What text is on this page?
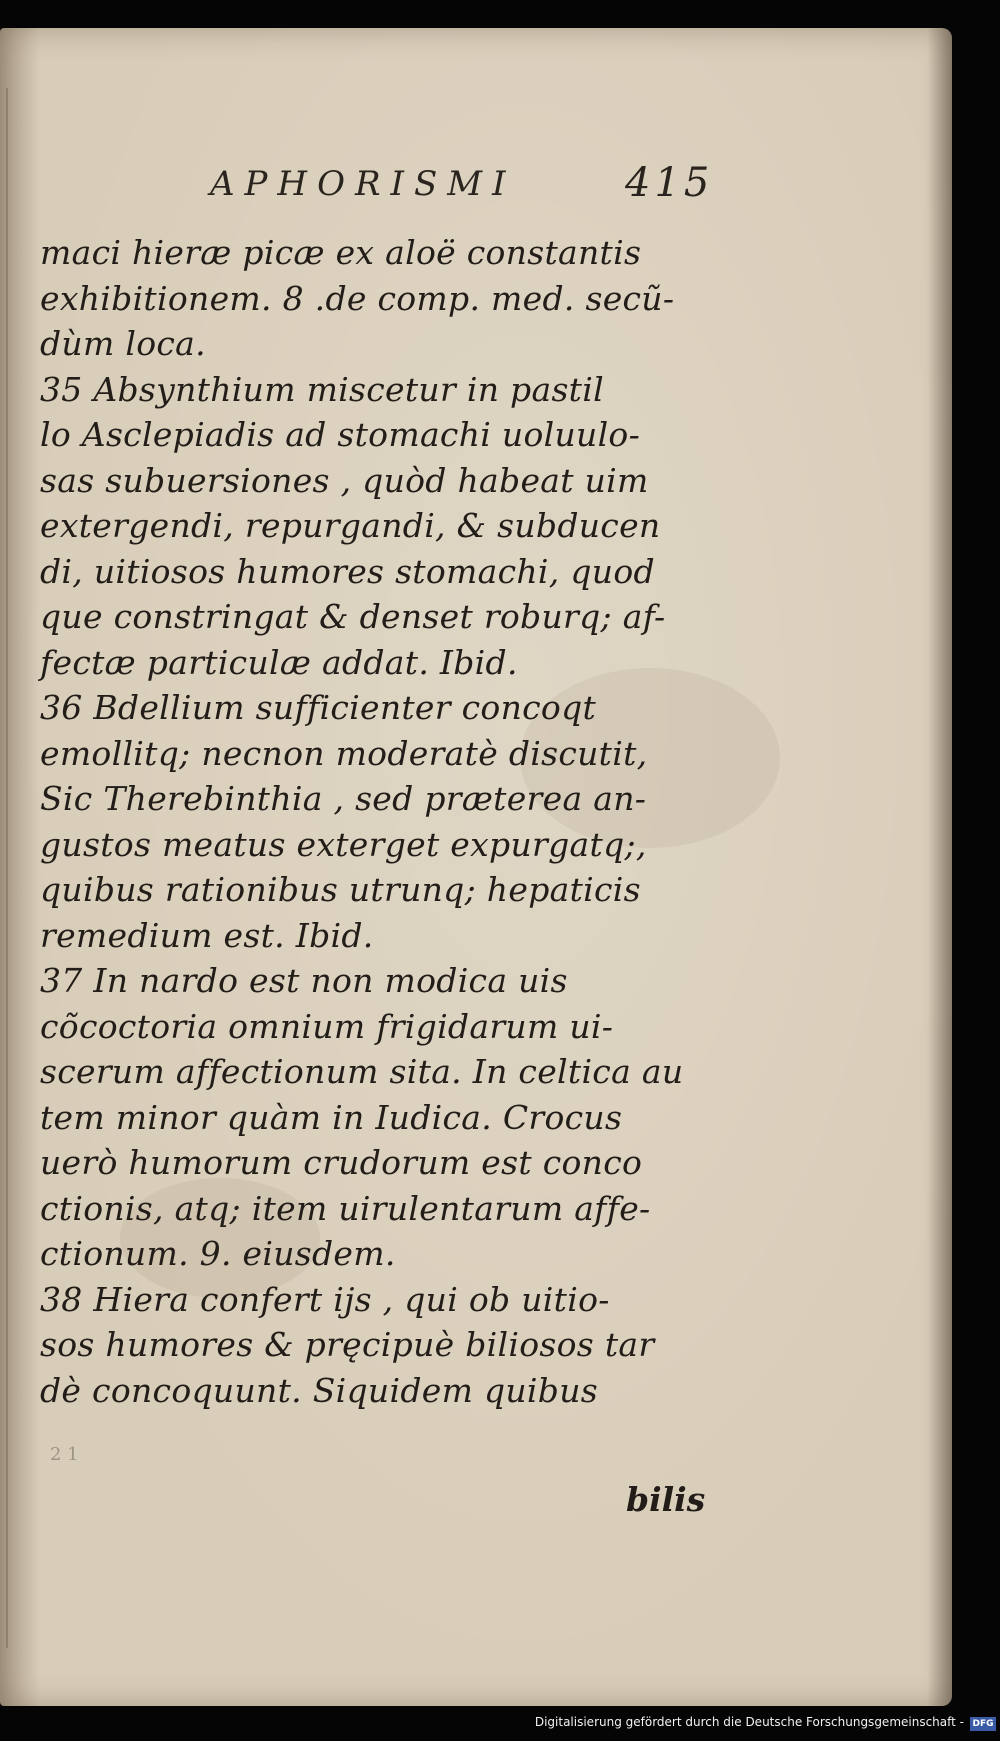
APHORISMI	415
maci hieræ picæ ex aloë constantis
exhibitionem. 8 .de comp. med. secũ-
dùm loca.
35 Absynthium miscetur in pastil
lo Asclepiadis ad stomachi uoluulo-
sas subuersiones , quòd habeat uim
extergendi, repurgandi, & subducen
di, uitiosos humores stomachi, quod
que constringat & denset roburq; af-
fectæ particulæ addat. Ibid.
36 Bdellium sufficienter concoqt
emollitq; necnon moderatè discutit,
Sic Therebinthia , sed præterea an-
gustos meatus exterget expurgatq;,
quibus rationibus utrunq; hepaticis
remedium est. Ibid.
37 In nardo est non modica uis
cõcoctoria omnium frigidarum ui-
scerum affectionum sita. In celtica au
tem minor quàm in Iudica. Crocus
uerò humorum crudorum est conco
ctionis, atq; item uirulentarum affe-
ctionum. 9. eiusdem.
38 Hiera confert ijs , qui ob uitio-
sos humores & pręcipuè biliosos tar
dè concoquunt. Siquidem quibus
2 1
bilis
Digitalisierung gefördert durch die Deutsche Forschungsgemeinschaft - DFG
